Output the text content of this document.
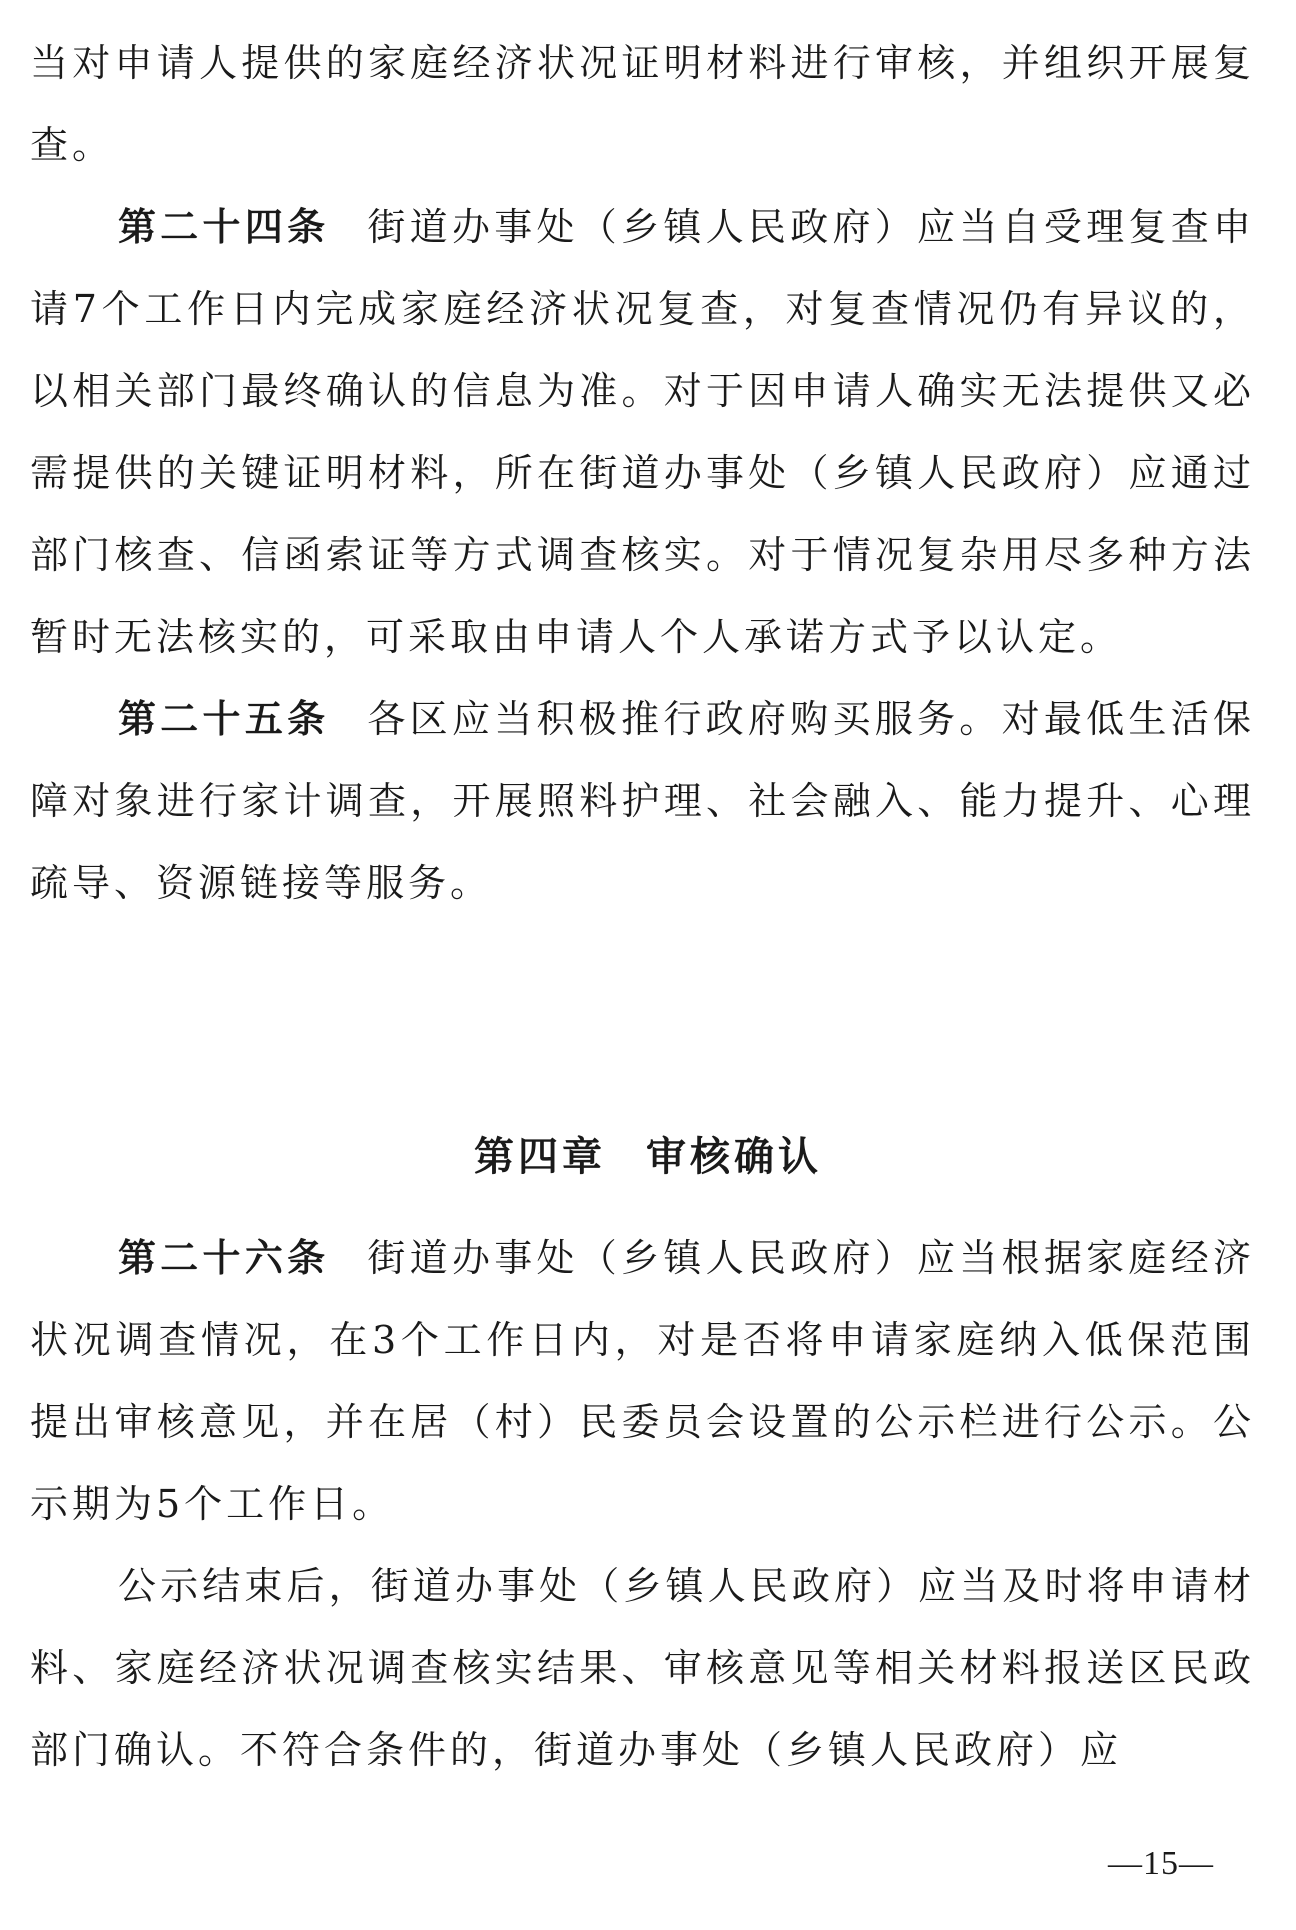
当对申请人提供的家庭经济状况证明材料进行审核，并组织开展复查。
第二十四条 街道办事处（乡镇人民政府）应当自受理复查申请7个工作日内完成家庭经济状况复查，对复查情况仍有异议的，以相关部门最终确认的信息为准。对于因申请人确实无法提供又必需提供的关键证明材料，所在街道办事处（乡镇人民政府）应通过部门核查、信函索证等方式调查核实。对于情况复杂用尽多种方法暂时无法核实的，可采取由申请人个人承诺方式予以认定。
第二十五条 各区应当积极推行政府购买服务。对最低生活保障对象进行家计调查，开展照料护理、社会融入、能力提升、心理疏导、资源链接等服务。
第四章 审核确认
第二十六条 街道办事处（乡镇人民政府）应当根据家庭经济状况调查情况，在3个工作日内，对是否将申请家庭纳入低保范围提出审核意见，并在居（村）民委员会设置的公示栏进行公示。公示期为5个工作日。
公示结束后，街道办事处（乡镇人民政府）应当及时将申请材料、家庭经济状况调查核实结果、审核意见等相关材料报送区民政部门确认。不符合条件的，街道办事处（乡镇人民政府）应
—15—
